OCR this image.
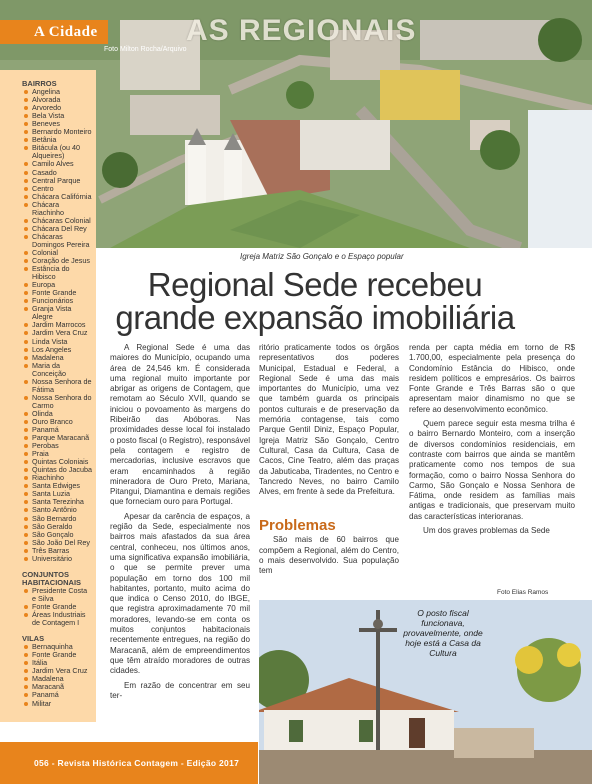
A Cidade	AS REGIONAIS
Foto Milton Rocha/Arquivo
Igreja Matriz São Gonçalo e o Espaço popular
BAIRROS
Angelina
Alvorada
Arvoredo
Bela Vista
Beneves
Bernardo Monteiro
Betânia
Bitácula (ou 40 Alqueires)
Camilo Alves
Casado
Central Parque
Centro
Chácara Califórnia
Chácara Riachinho
Chácaras Colonial
Chácara Del Rey
Chácaras Domingos Pereira
Colonial
Coração de Jesus
Estância do Hibisco
Europa
Fonte Grande
Funcionários
Granja Vista Alegre
Jardim Marrocos
Jardim Vera Cruz
Linda Vista
Los Angeles
Madalena
Maria da Conceição
Nossa Senhora de Fátima
Nossa Senhora do Carmo
Olinda
Ouro Branco
Panamá
Parque Maracanã
Perobas
Praia
Quintas Coloniais
Quintas do Jacuba
Riachinho
Santa Edwiges
Santa Luzia
Santa Terezinha
Santo Antônio
São Bernardo
São Geraldo
São Gonçalo
São João Del Rey
Três Barras
Universitário
CONJUNTOS HABITACIONAIS
Presidente Costa e Silva
Fonte Grande
Áreas Industriais de Contagem I
VILAS
Bernaquinha
Fonte Grande
Itália
Jardim Vera Cruz
Madalena
Maracanã
Panamá
Militar
Regional Sede recebeu grande expansão imobiliária

A Regional Sede é uma das maiores do Município, ocupando uma área de 24,546 km. É considerada uma regional muito importante por abrigar as origens de Contagem, que remotam ao Século XVII, quando se iniciou o povoamento às margens do Ribeirão das Abóboras. Nas proximidades desse local foi instalado o posto fiscal (o Registro), responsável pela contagem e registro de mercadorias, inclusive escravos que eram encaminhados à região mineradora de Ouro Preto, Mariana, Pitangui, Diamantina e demais regiões que forneciam ouro para Portugal.

Apesar da carência de espaços, a região da Sede, especialmente nos bairros mais afastados da sua área central, conheceu, nos últimos anos, uma significativa expansão imobiliária, o que se permite prever uma população em torno dos 100 mil habitantes, portanto, muito acima do que indica o Censo 2010, do IBGE, que registra aproximadamente 70 mil moradores, levando-se em conta os muitos conjuntos habitacionais recentemente entregues, na região do Maracanã, além de empreendimentos que têm atraído moradores de outras cidades.

Em razão de concentrar em seu ter-

ritório praticamente todos os órgãos representativos dos poderes Municipal, Estadual e Federal, a Regional Sede é uma das mais importantes do Município, uma vez que também guarda os principais pontos culturais e de preservação da memória contagense, tais como Parque Gentil Diniz, Espaço Popular, Igreja Matriz São Gonçalo, Centro Cultural, Casa da Cultura, Casa de Cacos, Cine Teatro, além das praças da Jabuticaba, Tiradentes, no Centro e Tancredo Neves, no bairro Camilo Alves, em frente à sede da Prefeitura.

São mais de 60 bairros que compõem a Regional, além do Centro, o mais desenvolvido. Sua população tem

Problemas

renda per capta média em torno de R$ 1.700,00, especialmente pela presença do Condomínio Estância do Hibisco, onde residem políticos e empresários. Os bairros Fonte Grande e Três Barras são o que apresentam maior dinamismo no que se refere ao desenvolvimento econômico.

Quem parece seguir esta mesma trilha é o bairro Bernardo Monteiro, com a inserção de diversos condomínios residenciais, em contraste com bairros que ainda se mantêm praticamente como nos tempos de sua formação, como o bairro Nossa Senhora do Carmo, São Gonçalo e Nossa Senhora de Fátima, onde residem as famílias mais antigas e tradicionais, que preservam muito das características interioranas.

Um dos graves problemas da Sede

Foto Elias Ramos
O posto fiscal funcionava, provavelmente, onde hoje está a Casa da Cultura
056 - Revista Histórica Contagem - Edição 2017
